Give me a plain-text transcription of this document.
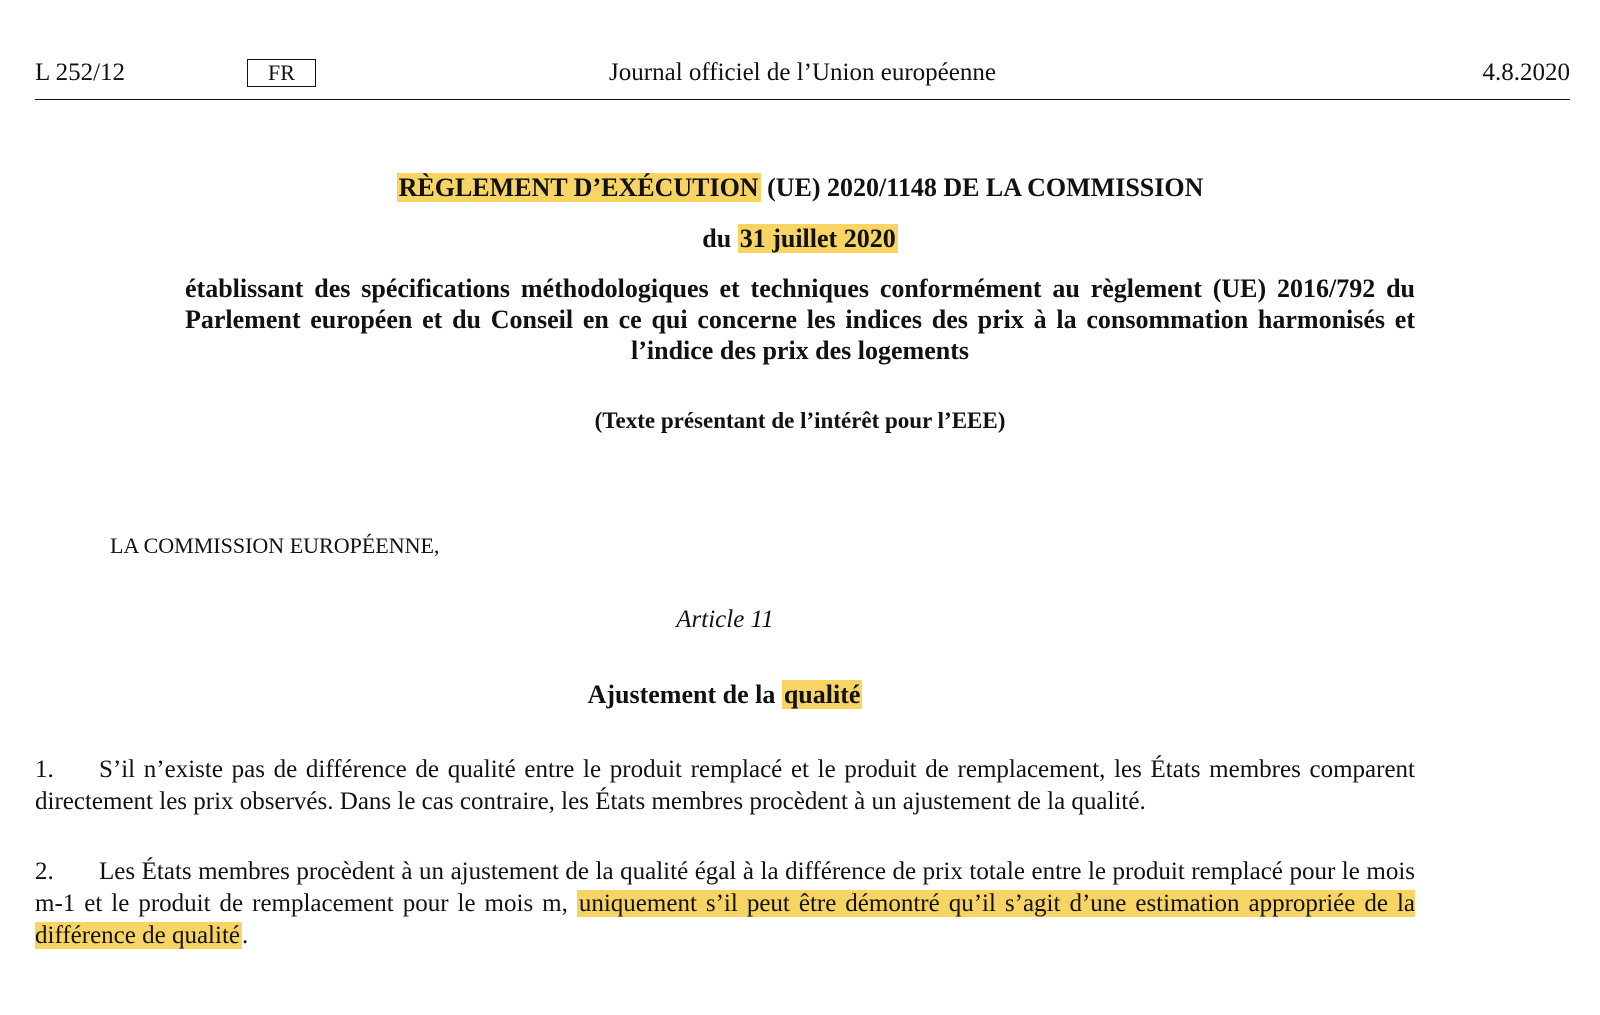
L 252/12	FR	Journal officiel de l’Union européenne	4.8.2020
RÈGLEMENT D’EXÉCUTION (UE) 2020/1148 DE LA COMMISSION
du 31 juillet 2020
établissant des spécifications méthodologiques et techniques conformément au règlement (UE) 2016/792 du Parlement européen et du Conseil en ce qui concerne les indices des prix à la consommation harmonisés et l’indice des prix des logements
(Texte présentant de l’intérêt pour l’EEE)
LA COMMISSION EUROPÉENNE,
Article 11
Ajustement de la qualité
1. S’il n’existe pas de différence de qualité entre le produit remplacé et le produit de remplacement, les États membres comparent directement les prix observés. Dans le cas contraire, les États membres procèdent à un ajustement de la qualité.
2. Les États membres procèdent à un ajustement de la qualité égal à la différence de prix totale entre le produit remplacé pour le mois m-1 et le produit de remplacement pour le mois m, uniquement s’il peut être démontré qu’il s’agit d’une estimation appropriée de la différence de qualité.
